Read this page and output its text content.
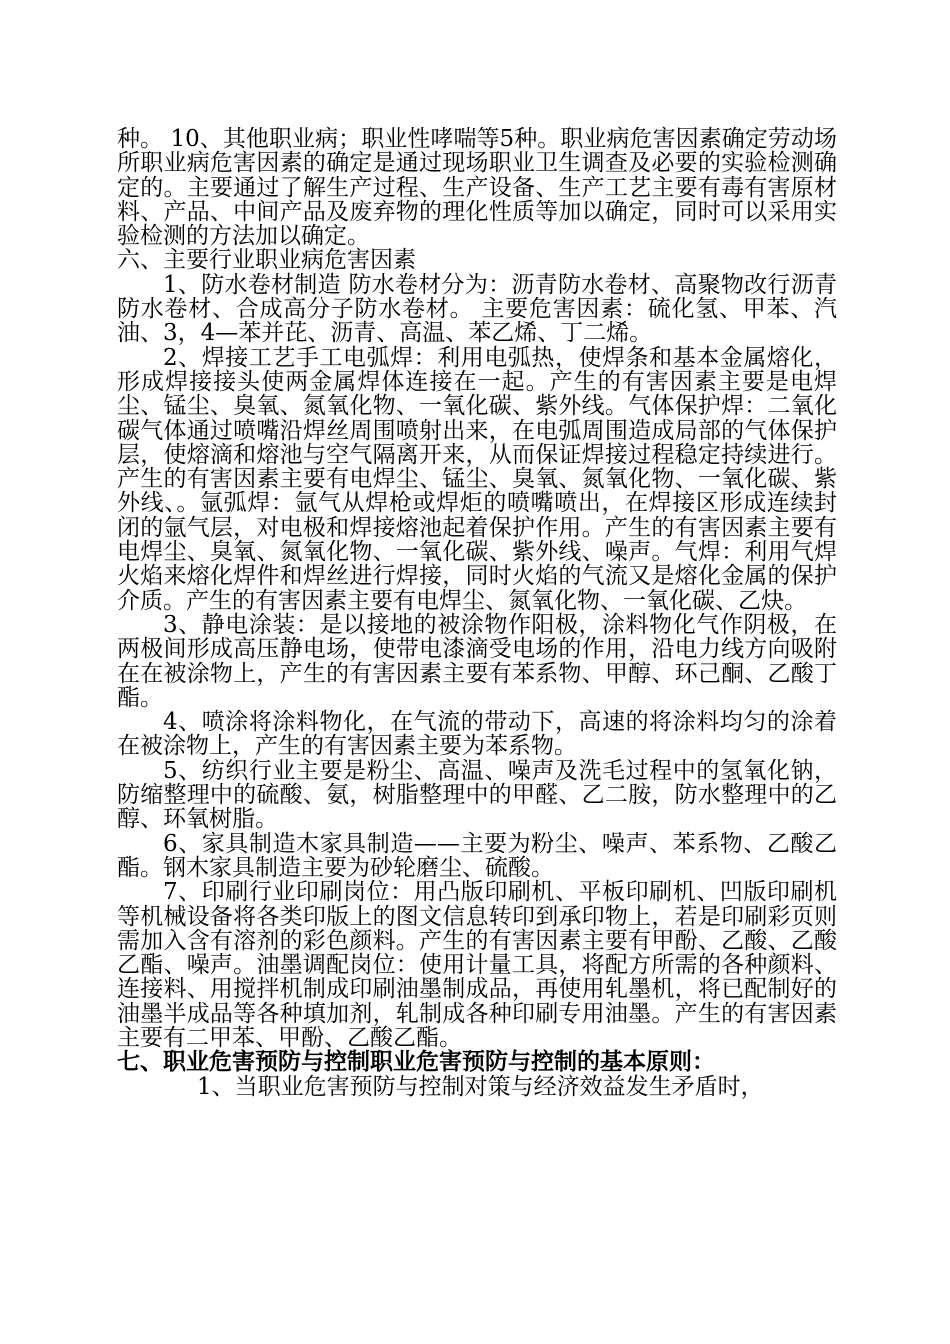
种。 10、其他职业病；职业性哮喘等5种。职业病危害因素确定劳动场所职业病危害因素的确定是通过现场职业卫生调查及必要的实验检测确定的。主要通过了解生产过程、生产设备、生产工艺主要有毒有害原材料、产品、中间产品及废弃物的理化性质等加以确定，同时可以采用实验检测的方法加以确定。

六、主要行业职业病危害因素

1、防水卷材制造 防水卷材分为：沥青防水卷材、高聚物改行沥青防水卷材、合成高分子防水卷材。 主要危害因素：硫化氢、甲苯、汽油、3，4—苯并芘、沥青、高温、苯乙烯、丁二烯。

2、焊接工艺手工电弧焊：利用电弧热，使焊条和基本金属熔化，形成焊接接头使两金属焊体连接在一起。产生的有害因素主要是电焊尘、锰尘、臭氧、氮氧化物、一氧化碳、紫外线。气体保护焊：二氧化碳气体通过喷嘴沿焊丝周围喷射出来，在电弧周围造成局部的气体保护层，使熔滴和熔池与空气隔离开来，从而保证焊接过程稳定持续进行。产生的有害因素主要有电焊尘、锰尘、臭氧、氮氧化物、一氧化碳、紫外线、。氩弧焊：氩气从焊枪或焊炬的喷嘴喷出，在焊接区形成连续封闭的氩气层，对电极和焊接熔池起着保护作用。产生的有害因素主要有电焊尘、臭氧、氮氧化物、一氧化碳、紫外线、噪声。气焊：利用气焊火焰来熔化焊件和焊丝进行焊接，同时火焰的气流又是熔化金属的保护介质。产生的有害因素主要有电焊尘、氮氧化物、一氧化碳、乙炔。

3、静电涂装：是以接地的被涂物作阳极，涂料物化气作阴极，在两极间形成高压静电场，使带电漆滴受电场的作用，沿电力线方向吸附在在被涂物上，产生的有害因素主要有苯系物、甲醇、环己酮、乙酸丁酯。

4、喷涂将涂料物化，在气流的带动下，高速的将涂料均匀的涂着在被涂物上，产生的有害因素主要为苯系物。

5、纺织行业主要是粉尘、高温、噪声及洗毛过程中的氢氧化钠，防缩整理中的硫酸、氨，树脂整理中的甲醛、乙二胺，防水整理中的乙醇、环氧树脂。

6、家具制造木家具制造——主要为粉尘、噪声、苯系物、乙酸乙酯。钢木家具制造主要为砂轮磨尘、硫酸。

7、印刷行业印刷岗位：用凸版印刷机、平板印刷机、凹版印刷机等机械设备将各类印版上的图文信息转印到承印物上，若是印刷彩页则需加入含有溶剂的彩色颜料。产生的有害因素主要有甲酚、乙酸、乙酸乙酯、噪声。油墨调配岗位：使用计量工具，将配方所需的各种颜料、连接料、用搅拌机制成印刷油墨制成品，再使用轧墨机，将已配制好的油墨半成品等各种填加剂，轧制成各种印刷专用油墨。产生的有害因素主要有二甲苯、甲酚、乙酸乙酯。

七、职业危害预防与控制职业危害预防与控制的基本原则：

1、当职业危害预防与控制对策与经济效益发生矛盾时，
